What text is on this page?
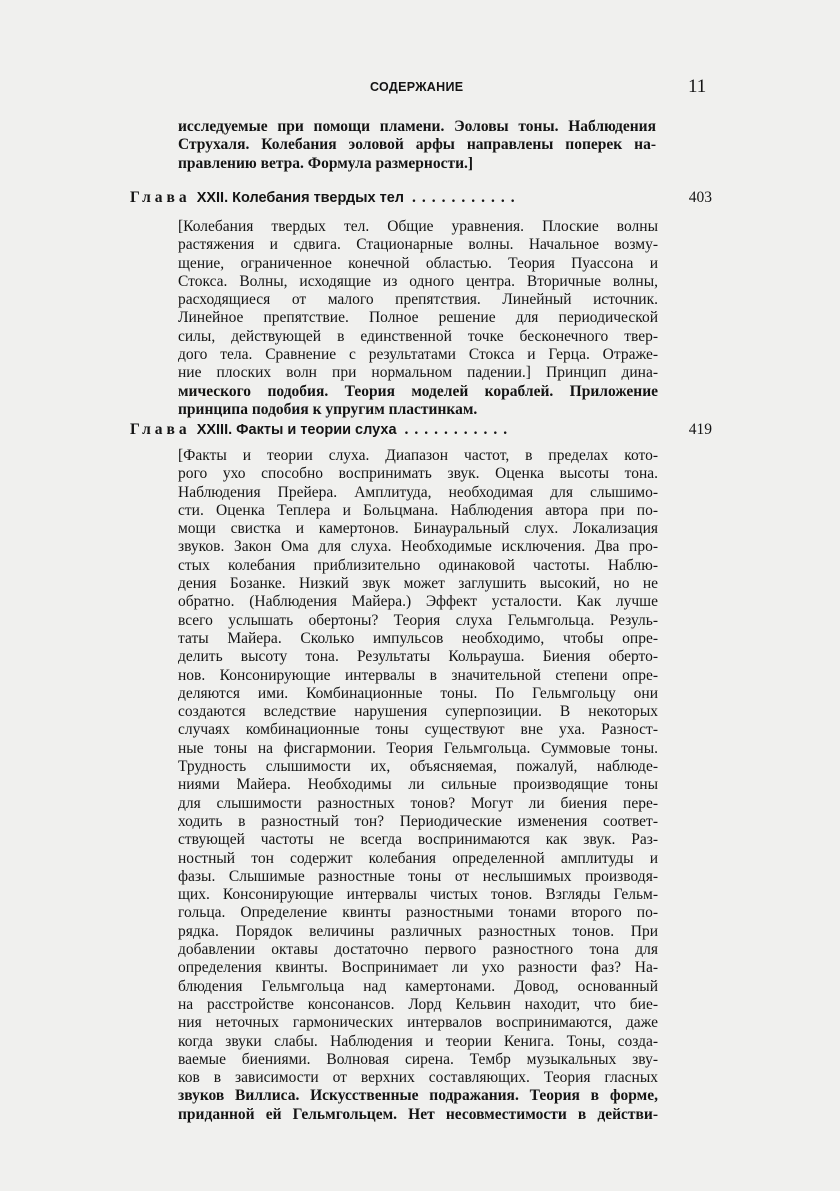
СОДЕРЖАНИЕ	11

исследуемые при помощи пламени. Эоловы тоны. Наблюдения
Струхаля. Колебания эоловой арфы направлены поперек на-
правлению ветра. Формула размерности.]

Глава XXII. Колебания твердых тел ...........	403

[Колебания твердых тел. Общие уравнения. Плоские волны
растяжения и сдвига. Стационарные волны. Начальное возму-
щение, ограниченное конечной областью. Теория Пуассона и
Стокса. Волны, исходящие из одного центра. Вторичные волны,
расходящиеся от малого препятствия. Линейный источник.
Линейное препятствие. Полное решение для периодической
силы, действующей в единственной точке бесконечного твер-
дого тела. Сравнение с результатами Стокса и Герца. Отраже-
ние плоских волн при нормальном падении.] Принцип дина-
мического подобия. Теория моделей кораблей. Приложение
принципа подобия к упругим пластинкам.

Глава XXIII. Факты и теории слуха ...........	419

[Факты и теории слуха. Диапазон частот, в пределах кото-
рого ухо способно воспринимать звук. Оценка высоты тона.
Наблюдения Прейера. Амплитуда, необходимая для слышимо-
сти. Оценка Теплера и Больцмана. Наблюдения автора при по-
мощи свистка и камертонов. Бинауральный слух. Локализация
звуков. Закон Ома для слуха. Необходимые исключения. Два про-
стых колебания приблизительно одинаковой частоты. Наблю-
дения Бозанке. Низкий звук может заглушить высокий, но не
обратно. (Наблюдения Майера.) Эффект усталости. Как лучше
всего услышать обертоны? Теория слуха Гельмгольца. Резуль-
таты Майера. Сколько импульсов необходимо, чтобы опре-
делить высоту тона. Результаты Кольрауша. Биения оберто-
нов. Консонирующие интервалы в значительной степени опре-
деляются ими. Комбинационные тоны. По Гельмгольцу они
создаются вследствие нарушения суперпозиции. В некоторых
случаях комбинационные тоны существуют вне уха. Разност-
ные тоны на фисгармонии. Теория Гельмгольца. Суммовые тоны.
Трудность слышимости их, объясняемая, пожалуй, наблюде-
ниями Майера. Необходимы ли сильные производящие тоны
для слышимости разностных тонов? Могут ли биения пере-
ходить в разностный тон? Периодические изменения соответ-
ствующей частоты не всегда воспринимаются как звук. Раз-
ностный тон содержит колебания определенной амплитуды и
фазы. Слышимые разностные тоны от неслышимых производя-
щих. Консонирующие интервалы чистых тонов. Взгляды Гельм-
гольца. Определение квинты разностными тонами второго по-
рядка. Порядок величины различных разностных тонов. При
добавлении октавы достаточно первого разностного тона для
определения квинты. Воспринимает ли ухо разности фаз? На-
блюдения Гельмгольца над камертонами. Довод, основанный
на расстройстве консонансов. Лорд Кельвин находит, что бие-
ния неточных гармонических интервалов воспринимаются, даже
когда звуки слабы. Наблюдения и теории Кенига. Тоны, созда-
ваемые биениями. Волновая сирена. Тембр музыкальных зву-
ков в зависимости от верхних составляющих. Теория гласных
звуков Виллиса. Искусственные подражания. Теория в форме,
приданной ей Гельмгольцем. Нет несовместимости в действи-
